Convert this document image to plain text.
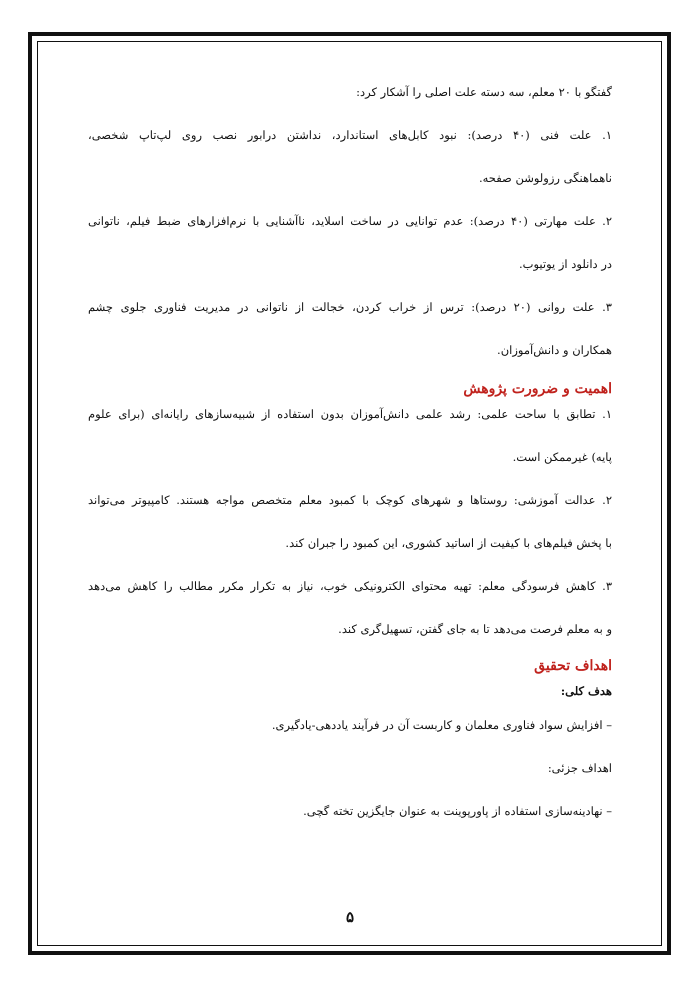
گفتگو با ۲۰ معلم، سه دسته علت اصلی را آشکار کرد:
۱. علت فنی (۴۰ درصد): نبود کابل‌های استاندارد، نداشتن درابور نصب روی لپ‌تاپ شخصی،
ناهماهنگی رزولوشن صفحه.
۲. علت مهارتی (۴۰ درصد): عدم توانایی در ساخت اسلاید، ناآشنایی با نرم‌افزارهای ضبط فیلم، ناتوانی
در دانلود از یوتیوب.
۳. علت روانی (۲۰ درصد): ترس از خراب کردن، خجالت از ناتوانی در مدیریت فناوری جلوی چشم
همکاران و دانش‌آموزان.
اهمیت و ضرورت پژوهش
۱. تطابق با ساحت علمی: رشد علمی دانش‌آموزان بدون استفاده از شبیه‌سازهای رایانه‌ای (برای علوم
پایه) غیرممکن است.
۲. عدالت آموزشی: روستاها و شهرهای کوچک با کمبود معلم متخصص مواجه هستند. کامپیوتر می‌تواند
با پخش فیلم‌های با کیفیت از اساتید کشوری، این کمبود را جبران کند.
۳. کاهش فرسودگی معلم: تهیه محتوای الکترونیکی خوب، نیاز به تکرار مکرر مطالب را کاهش می‌دهد
و به معلم فرصت می‌دهد تا به جای گفتن، تسهیل‌گری کند.
اهداف تحقیق
هدف کلی:
– افزایش سواد فناوری معلمان و کاربست آن در فرآیند یاددهی-یادگیری.
اهداف جزئی:
– نهادینه‌سازی استفاده از پاورپوینت به عنوان جایگزین تخته گچی.
۵
